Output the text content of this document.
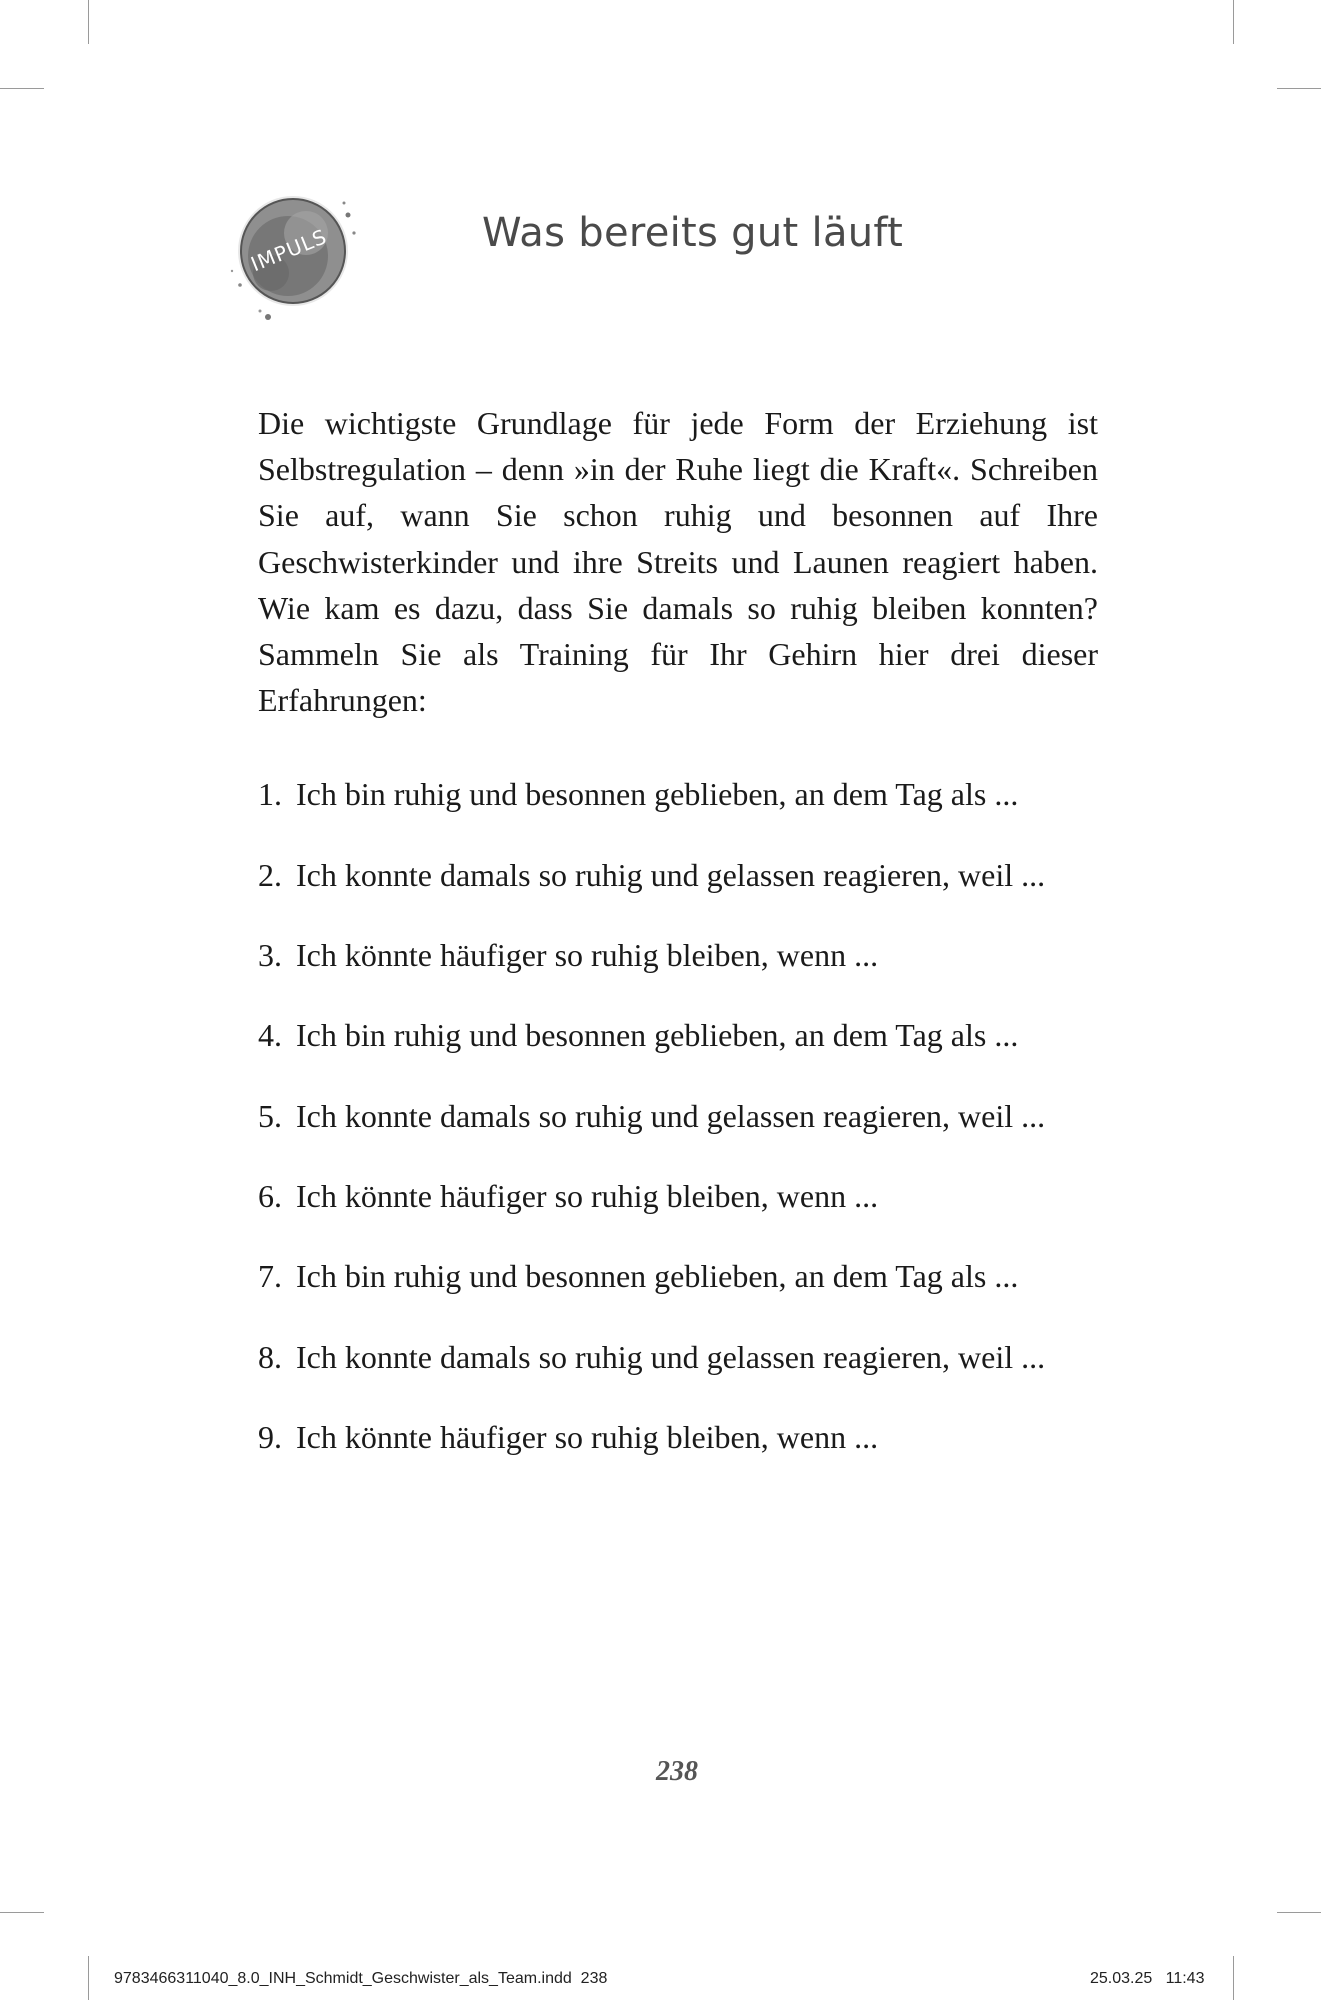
IMPULS	Was bereits gut läuft

Die wichtigste Grundlage für jede Form der Erziehung ist Selbstregulation – denn »in der Ruhe liegt die Kraft«. Schreiben Sie auf, wann Sie schon ruhig und besonnen auf Ihre Geschwisterkinder und ihre Streits und Launen reagiert haben. Wie kam es dazu, dass Sie damals so ruhig bleiben konnten? Sammeln Sie als Training für Ihr Gehirn hier drei dieser Erfahrungen:

1. Ich bin ruhig und besonnen geblieben, an dem Tag als ...
2. Ich konnte damals so ruhig und gelassen reagieren, weil ...
3. Ich könnte häufiger so ruhig bleiben, wenn ...
4. Ich bin ruhig und besonnen geblieben, an dem Tag als ...
5. Ich konnte damals so ruhig und gelassen reagieren, weil ...
6. Ich könnte häufiger so ruhig bleiben, wenn ...
7. Ich bin ruhig und besonnen geblieben, an dem Tag als ...
8. Ich konnte damals so ruhig und gelassen reagieren, weil ...
9. Ich könnte häufiger so ruhig bleiben, wenn ...
238
9783466311040_8.0_INH_Schmidt_Geschwister_als_Team.indd 238	25.03.25 11:43
